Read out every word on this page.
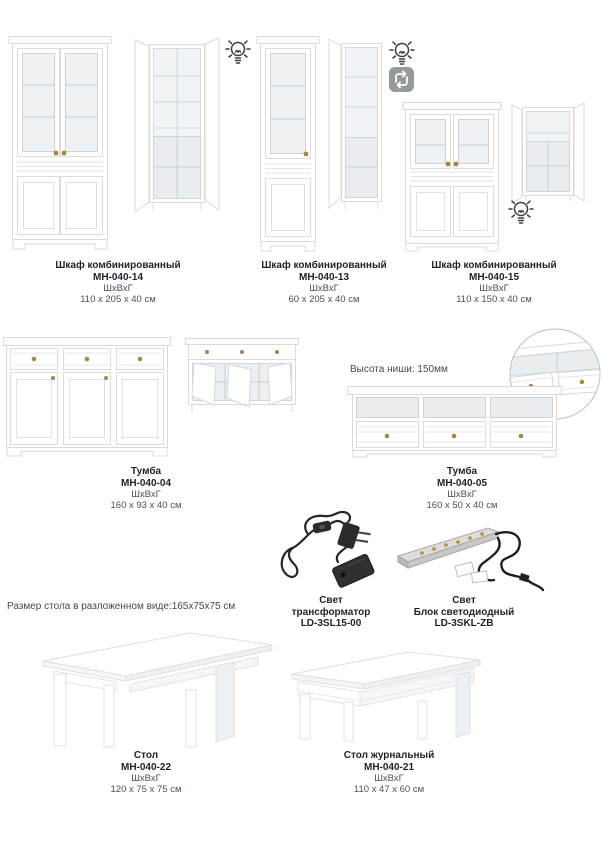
Шкаф комбинированный
МН-040-14
ШхВхГ
110 x 205 x 40 см
Шкаф комбинированный
МН-040-13
ШхВхГ
60 x 205 x 40 см
Шкаф комбинированный
МН-040-15
ШхВхГ
110 x 150 x 40 см
Тумба
МН-040-04
ШхВхГ
160 x 93 x 40 см
Высота ниши: 150мм
Тумба
МН-040-05
ШхВхГ
160 x 50 x 40 см
Свет
трансформатор
LD-3SL15-00
Свет
Блок светодиодный
LD-3SKL-ZB
Размер стола в разложенном виде:165х75х75 см
Стол
МН-040-22
ШхВхГ
120 x 75 x 75 см
Стол журнальный
МН-040-21
ШхВхГ
110 x 47 x 60 см
